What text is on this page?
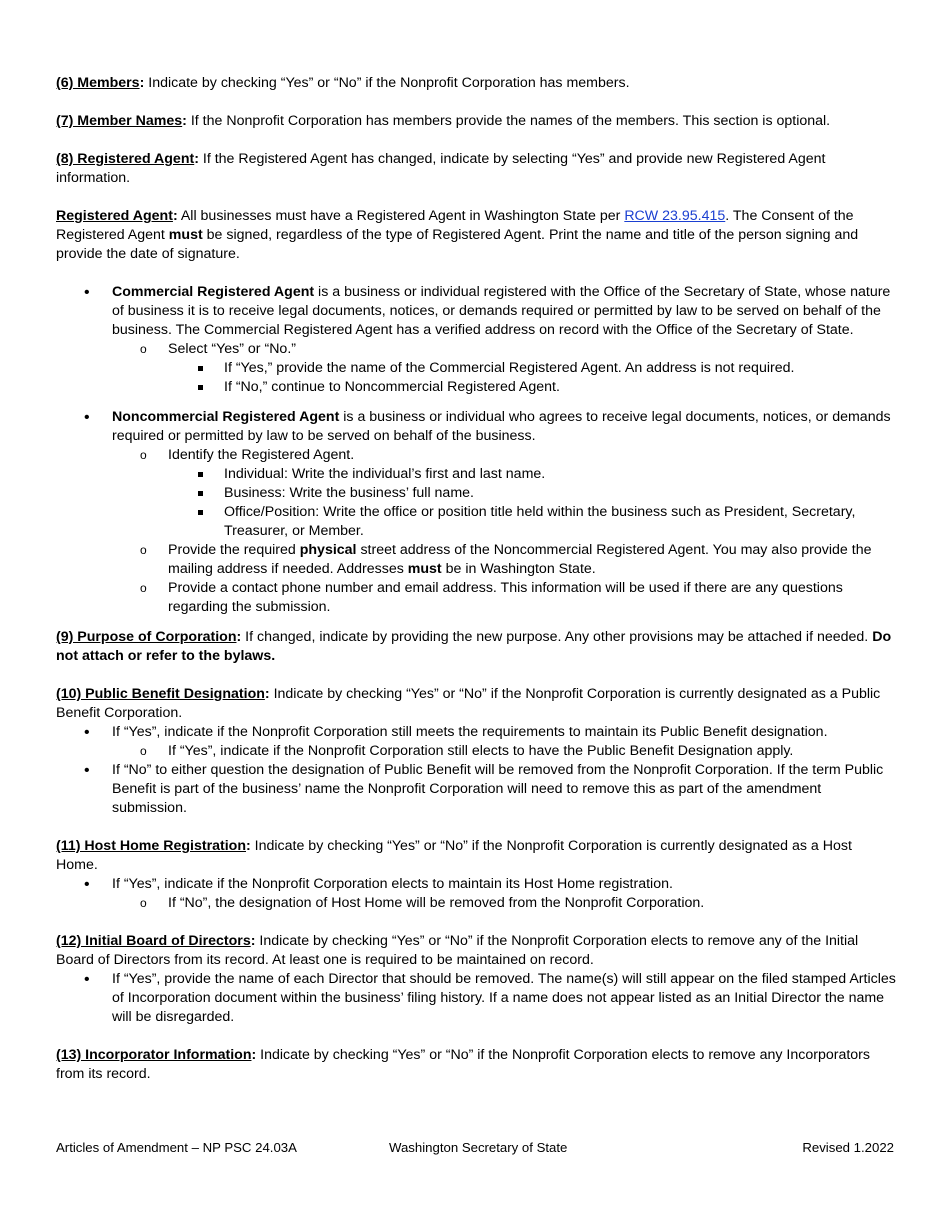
(6) Members: Indicate by checking “Yes” or “No” if the Nonprofit Corporation has members.

(7) Member Names: If the Nonprofit Corporation has members provide the names of the members. This section is optional.

(8) Registered Agent: If the Registered Agent has changed, indicate by selecting “Yes” and provide new Registered Agent information.

Registered Agent: All businesses must have a Registered Agent in Washington State per RCW 23.95.415. The Consent of the Registered Agent must be signed, regardless of the type of Registered Agent. Print the name and title of the person signing and provide the date of signature.

• Commercial Registered Agent is a business or individual registered with the Office of the Secretary of State, whose nature of business it is to receive legal documents, notices, or demands required or permitted by law to be served on behalf of the business. The Commercial Registered Agent has a verified address on record with the Office of the Secretary of State.
o Select “Yes” or “No.”
If “Yes,” provide the name of the Commercial Registered Agent. An address is not required.
If “No,” continue to Noncommercial Registered Agent.
• Noncommercial Registered Agent is a business or individual who agrees to receive legal documents, notices, or demands required or permitted by law to be served on behalf of the business.
o Identify the Registered Agent.
Individual: Write the individual’s first and last name.
Business: Write the business’ full name.
Office/Position: Write the office or position title held within the business such as President, Secretary, Treasurer, or Member.
o Provide the required physical street address of the Noncommercial Registered Agent. You may also provide the mailing address if needed. Addresses must be in Washington State.
o Provide a contact phone number and email address. This information will be used if there are any questions regarding the submission.

(9) Purpose of Corporation: If changed, indicate by providing the new purpose. Any other provisions may be attached if needed. Do not attach or refer to the bylaws.

(10) Public Benefit Designation: Indicate by checking “Yes” or “No” if the Nonprofit Corporation is currently designated as a Public Benefit Corporation.

• If “Yes”, indicate if the Nonprofit Corporation still meets the requirements to maintain its Public Benefit designation.
o If “Yes”, indicate if the Nonprofit Corporation still elects to have the Public Benefit Designation apply.
• If “No” to either question the designation of Public Benefit will be removed from the Nonprofit Corporation. If the term Public Benefit is part of the business’ name the Nonprofit Corporation will need to remove this as part of the amendment submission.

(11) Host Home Registration: Indicate by checking “Yes” or “No” if the Nonprofit Corporation is currently designated as a Host Home.

• If “Yes”, indicate if the Nonprofit Corporation elects to maintain its Host Home registration.
o If “No”, the designation of Host Home will be removed from the Nonprofit Corporation.

(12) Initial Board of Directors: Indicate by checking “Yes” or “No” if the Nonprofit Corporation elects to remove any of the Initial Board of Directors from its record. At least one is required to be maintained on record.

• If “Yes”, provide the name of each Director that should be removed. The name(s) will still appear on the filed stamped Articles of Incorporation document within the business’ filing history. If a name does not appear listed as an Initial Director the name will be disregarded.

(13) Incorporator Information: Indicate by checking “Yes” or “No” if the Nonprofit Corporation elects to remove any Incorporators from its record.

Articles of Amendment – NP PSC 24.03A	Washington Secretary of State	Revised 1.2022
